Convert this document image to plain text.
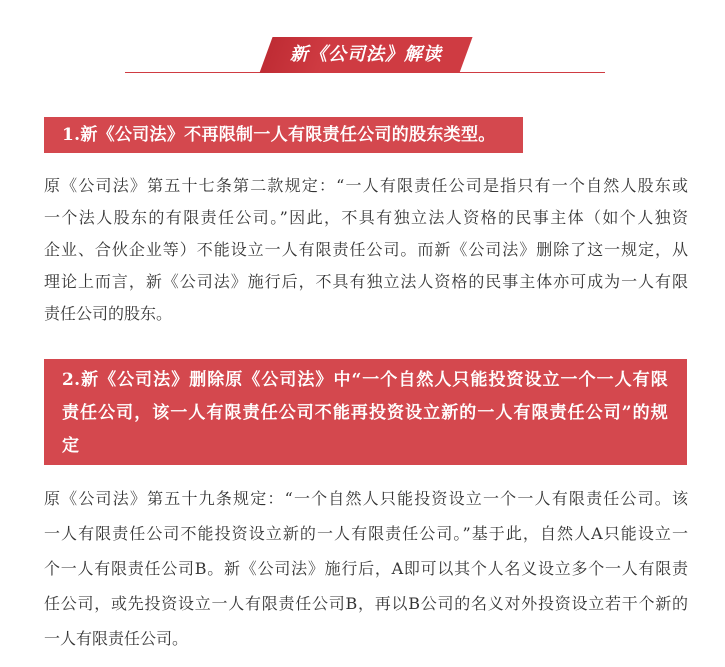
新《公司法》解读
1.新《公司法》不再限制一人有限责任公司的股东类型。
原《公司法》第五十七条第二款规定：“一人有限责任公司是指只有一个自然人股东或
一个法人股东的有限责任公司。”因此，不具有独立法人资格的民事主体（如个人独资
企业、合伙企业等）不能设立一人有限责任公司。而新《公司法》删除了这一规定，从
理论上而言，新《公司法》施行后，不具有独立法人资格的民事主体亦可成为一人有限
责任公司的股东。
2.新《公司法》删除原《公司法》中“一个自然人只能投资设立一个一人有限
责任公司，该一人有限责任公司不能再投资设立新的一人有限责任公司”的规
定
原《公司法》第五十九条规定：“一个自然人只能投资设立一个一人有限责任公司。该
一人有限责任公司不能投资设立新的一人有限责任公司。”基于此，自然人A只能设立一
个一人有限责任公司B。新《公司法》施行后，A即可以其个人名义设立多个一人有限责
任公司，或先投资设立一人有限责任公司B，再以B公司的名义对外投资设立若干个新的
一人有限责任公司。
